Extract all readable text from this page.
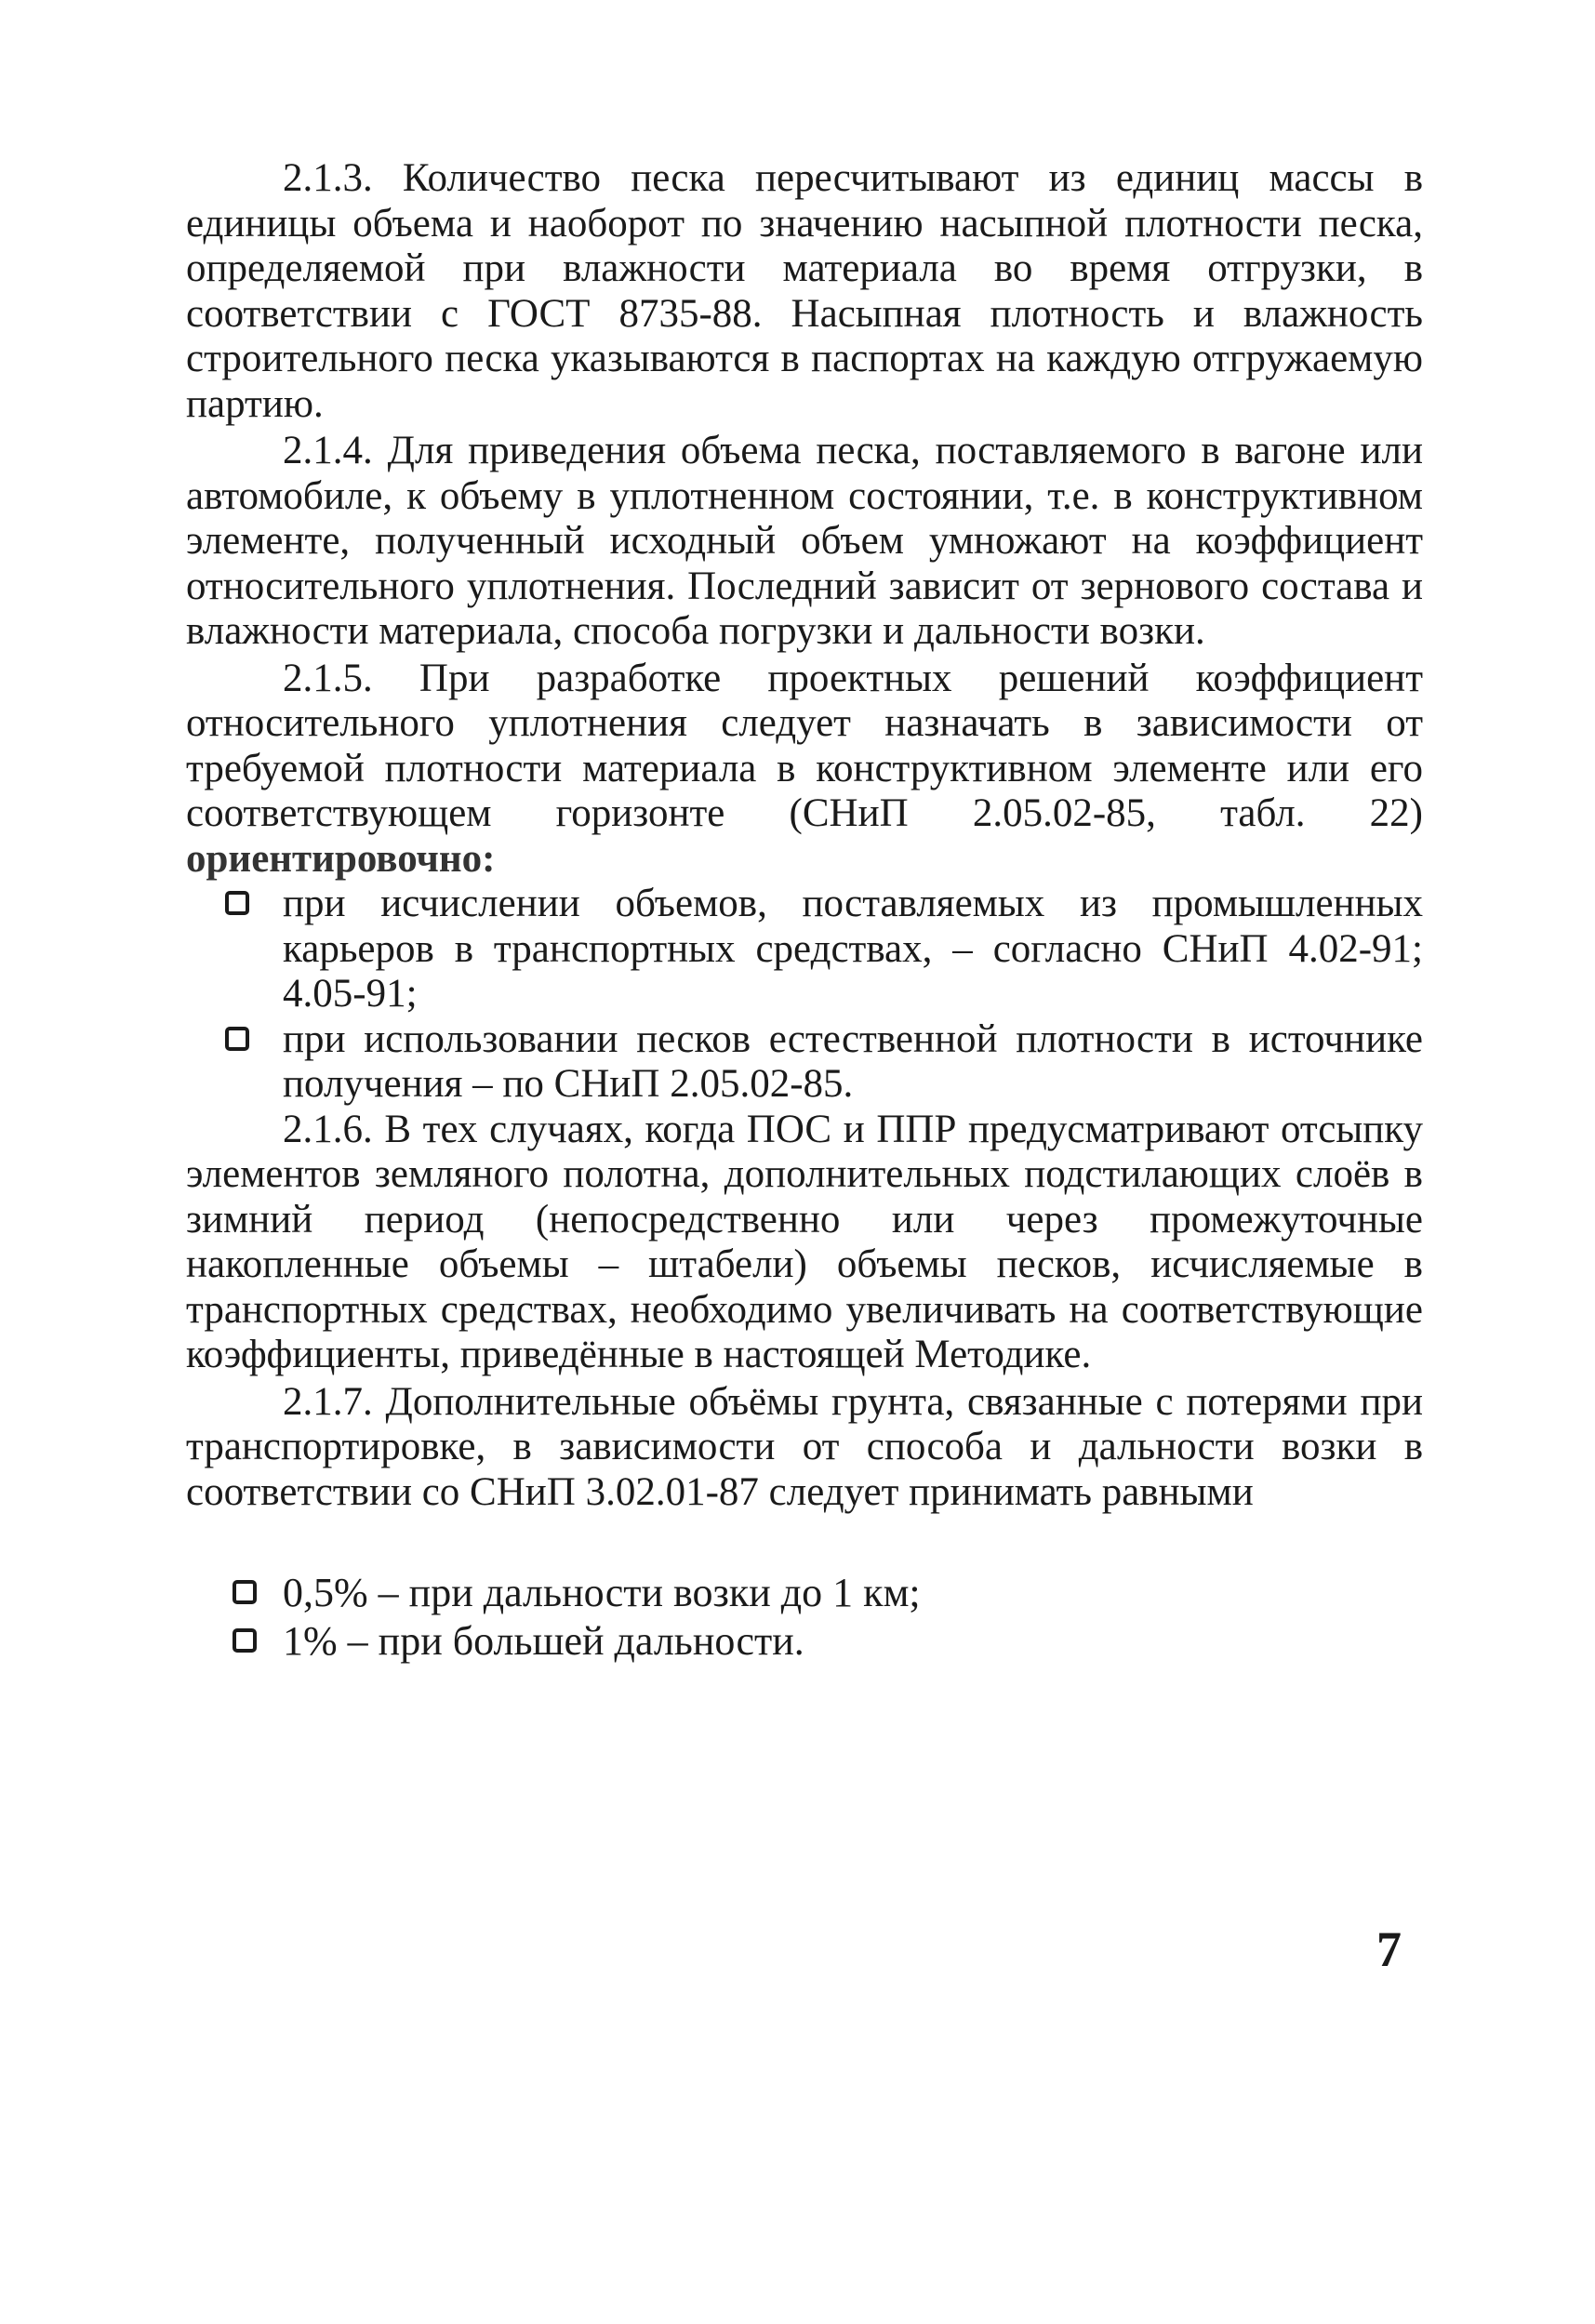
2.1.3. Количество песка пересчитывают из единиц массы в единицы объема и наоборот по значению насыпной плотности песка, определяемой при влажности материала во время отгрузки, в соответствии с ГОСТ 8735-88. Насыпная плотность и влажность строительного песка указываются в паспортах на каждую отгружаемую партию.

2.1.4. Для приведения объема песка, поставляемого в вагоне или автомобиле, к объему в уплотненном состоянии, т.е. в конструктивном элементе, полученный исходный объем умножают на коэффициент относительного уплотнения. Последний зависит от зернового состава и влажности материала, способа погрузки и дальности возки.

2.1.5. При разработке проектных решений коэффициент относительного уплотнения следует назначать в зависимости от требуемой плотности материала в конструктивном элементе или его соответствующем горизонте (СНиП 2.05.02-85, табл. 22) ориентировочно:

при исчислении объемов, поставляемых из промышленных карьеров в транспортных средствах, – согласно СНиП 4.02-91; 4.05-91;
при использовании песков естественной плотности в источнике получения – по СНиП 2.05.02-85.

2.1.6. В тех случаях, когда ПОС и ППР предусматривают отсыпку элементов земляного полотна, дополнительных подстилающих слоёв в зимний период (непосредственно или через промежуточные накопленные объемы – штабели) объемы песков, исчисляемые в транспортных средствах, необходимо увеличивать на соответствующие коэффициенты, приведённые в настоящей Методике.

2.1.7. Дополнительные объёмы грунта, связанные с потерями при транспортировке, в зависимости от способа и дальности возки в соответствии со СНиП 3.02.01-87 следует принимать равными

0,5% – при дальности возки до 1 км;
1% – при большей дальности.
7
